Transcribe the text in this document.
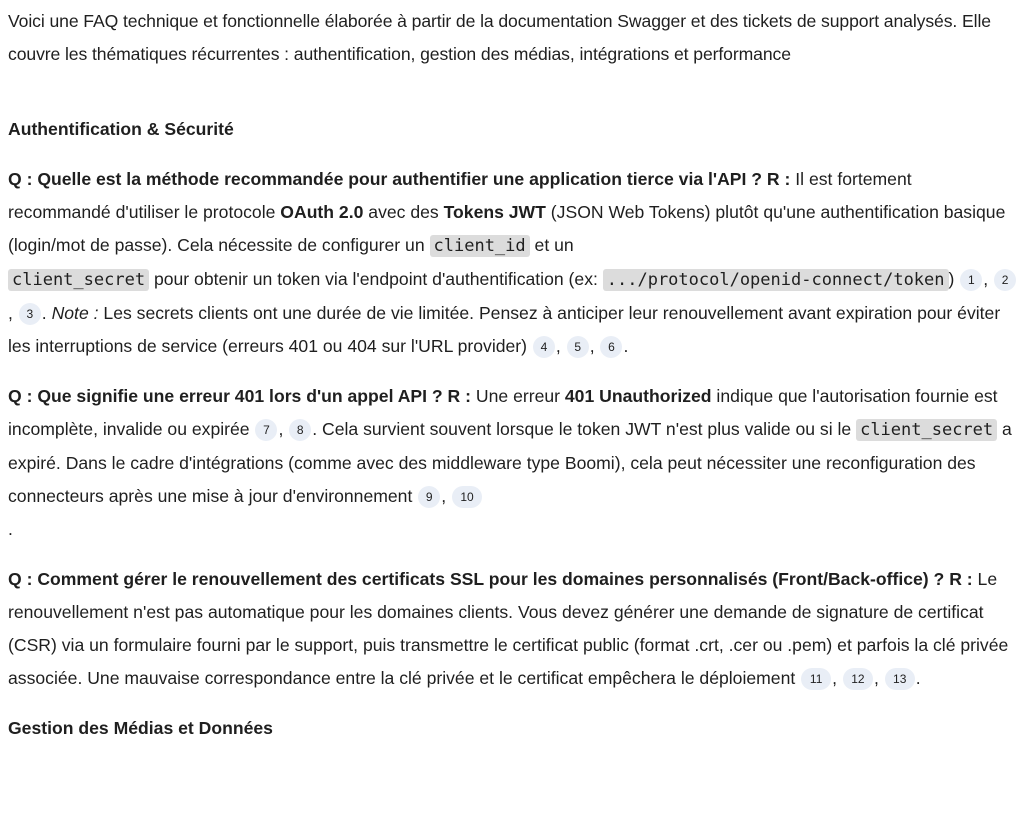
Voici une FAQ technique et fonctionnelle élaborée à partir de la documentation Swagger et des tickets de support analysés. Elle couvre les thématiques récurrentes : authentification, gestion des médias, intégrations et performance

Authentification & Sécurité

Q : Quelle est la méthode recommandée pour authentifier une application tierce via l'API ? R : Il est fortement recommandé d'utiliser le protocole OAuth 2.0 avec des Tokens JWT (JSON Web Tokens) plutôt qu'une authentification basique (login/mot de passe). Cela nécessite de configurer un client_id et un
client_secret pour obtenir un token via l'endpoint d'authentification (ex: .../protocol/openid-connect/token ) 1 , 2, 3 . Note : Les secrets clients ont une durée de vie limitée. Pensez à anticiper leur renouvellement avant expiration pour éviter les interruptions de service (erreurs 401 ou 404 sur l'URL provider) 4 , 5 , 6 .

Q : Que signifie une erreur 401 lors d'un appel API ? R : Une erreur 401 Unauthorized indique que l'autorisation fournie est incomplète, invalide ou expirée 7 , 8 . Cela survient souvent lorsque le token JWT n'est plus valide ou si le client_secret a expiré. Dans le cadre d'intégrations (comme avec des middleware type Boomi), cela peut nécessiter une reconfiguration des connecteurs après une mise à jour d'environnement 9 , 10
.

Q : Comment gérer le renouvellement des certificats SSL pour les domaines personnalisés (Front/Back-office) ? R : Le renouvellement n'est pas automatique pour les domaines clients. Vous devez générer une demande de signature de certificat (CSR) via un formulaire fourni par le support, puis transmettre le certificat public (format .crt, .cer ou .pem) et parfois la clé privée associée. Une mauvaise correspondance entre la clé privée et le certificat empêchera le déploiement 11 , 12 , 13 .

Gestion des Médias et Données
